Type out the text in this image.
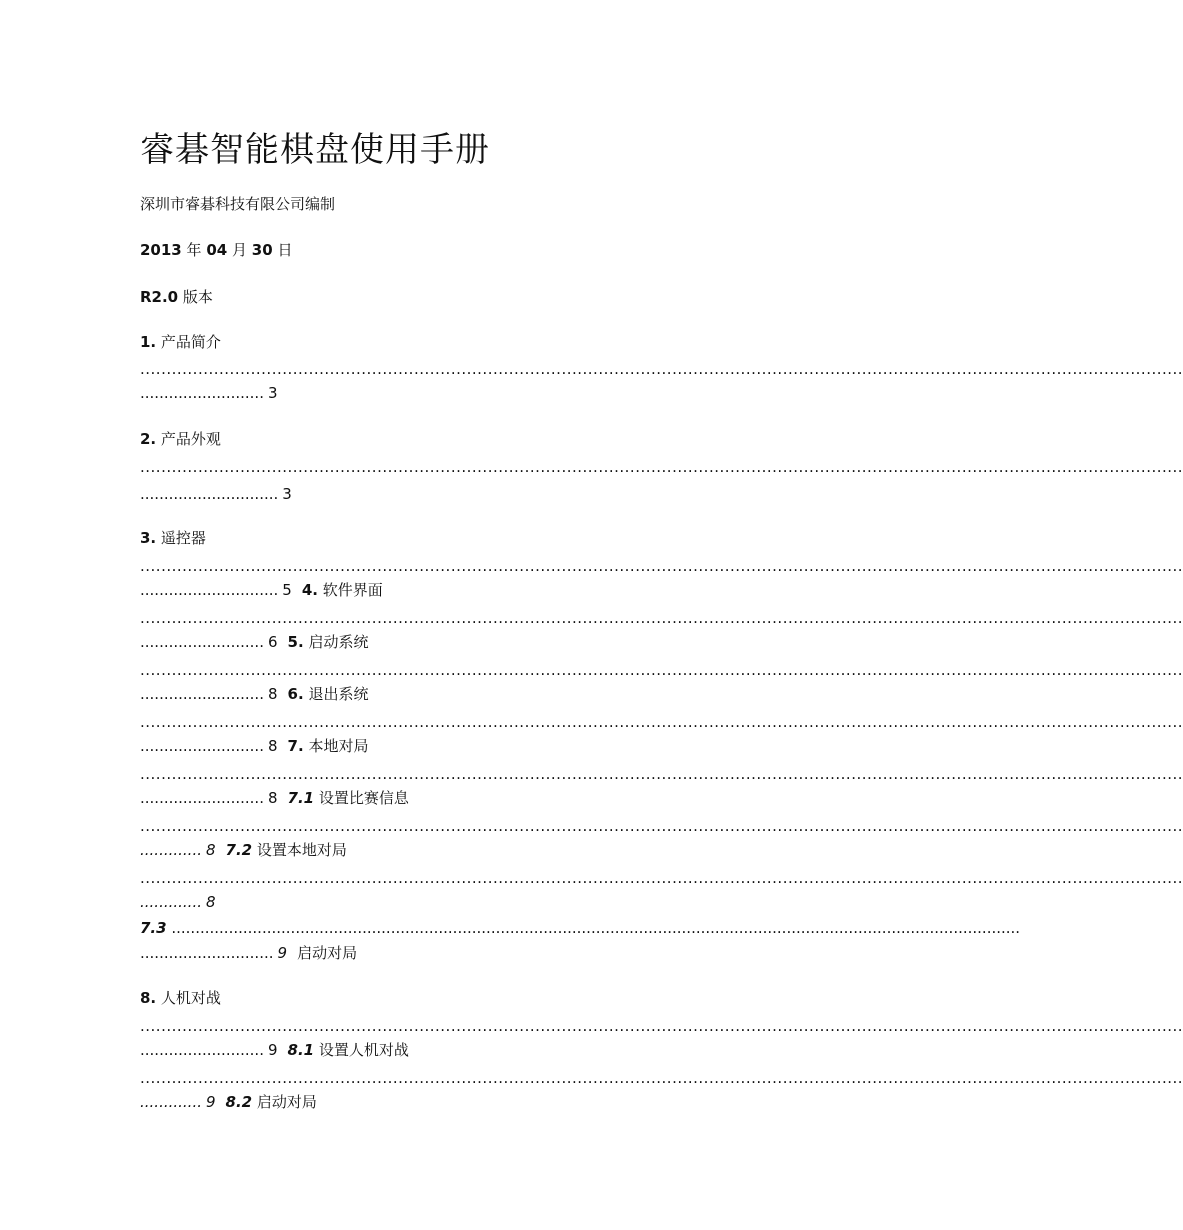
睿碁智能棋盘使用手册
深圳市睿碁科技有限公司编制
2013 年 04 月 30 日
R2.0 版本
1. 产品简介
......................................................................................................................................................................................................
.......................... 3
2. 产品外观
......................................................................................................................................................................................................
............................. 3
3. 遥控器
......................................................................................................................................................................................................
............................. 5 4. 软件界面
......................................................................................................................................................................................................
.......................... 6 5. 启动系统
......................................................................................................................................................................................................
.......................... 8 6. 退出系统
......................................................................................................................................................................................................
.......................... 8 7. 本地对局
......................................................................................................................................................................................................
.......................... 8 7.1 设置比赛信息
......................................................................................................................................................................................................
............. 8 7.2 设置本地对局
......................................................................................................................................................................................................
............. 8
7.3 ..................................................................................................................................................................................
............................ 9 启动对局
8. 人机对战
......................................................................................................................................................................................................
.......................... 9 8.1 设置人机对战
......................................................................................................................................................................................................
............. 9 8.2 启动对局
